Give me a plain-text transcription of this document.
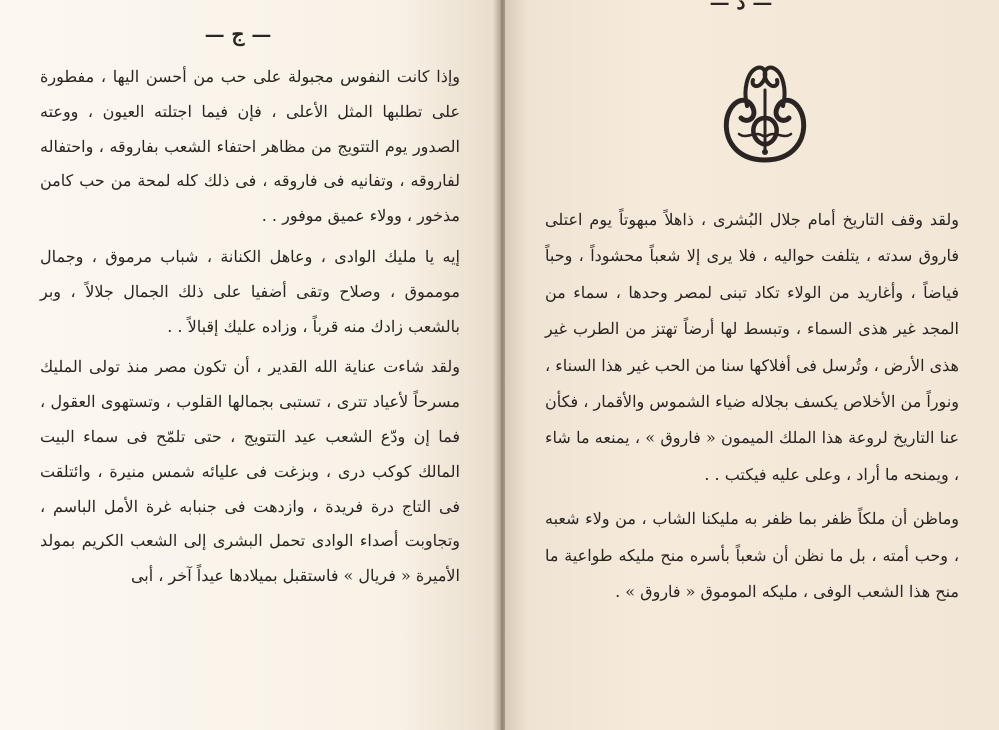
— ج —

وإذا كانت النفوس مجبولة على حب من أحسن اليها ، مفطورة على تطلبها المثل الأعلى ، فإن فيما اجتلته العيون ، ووعته الصدور يوم التتويج من مظاهر احتفاء الشعب بفاروقه ، واحتفاله لفاروقه ، وتفانيه فى فاروقه ، فى ذلك كله لمحة من حب كامن مذخور ، وولاء عميق موفور . .

إيه يا مليك الوادى ، وعاهل الكنانة ، شباب مرموق ، وجمال مومموق ، وصلاح وتقى أضفيا على ذلك الجمال جلالاً ، وبر بالشعب زادك منه قرباً ، وزاده عليك إقبالاً . .

ولقد شاءت عناية الله القدير ، أن تكون مصر منذ تولى المليك مسرحاً لأعياد تترى ، تستبى بجمالها القلوب ، وتستهوى العقول ، فما إن ودّع الشعب عيد التتويج ، حتى تلمّح فى سماء البيت المالك كوكب درى ، وبزغت فى عليائه شمس منيرة ، وائتلقت فى التاج درة فريدة ، وازدهت فى جنبابه غرة الأمل الباسم ، وتجاوبت أصداء الوادى تحمل البشرى إلى الشعب الكريم بمولد الأميرة « فريال » فاستقبل بميلادها عيداً آخر ، أبى

— د —

ولقد وقف التاريخ أمام جلال البُشرى ، ذاهلاً مبهوتاً يوم اعتلى فاروق سدته ، يتلفت حواليه ، فلا يرى إلا شعباً محشوداً ، وحباً فياضاً ، وأغاريد من الولاء تكاد تبنى لمصر وحدها ، سماء من المجد غير هذى السماء ، وتبسط لها أرضاً تهتز من الطرب غير هذى الأرض ، وتُرسل فى أفلاكها سنا من الحب غير هذا السناء ، ونوراً من الأخلاص يكسف بجلاله ضياء الشموس والأقمار ، فكأن عنا التاريخ لروعة هذا الملك الميمون « فاروق » ، يمنعه ما شاء ، ويمنحه ما أراد ، وعلى عليه فيكتب . .

وماظن أن ملكاً ظفر بما ظفر به مليكنا الشاب ، من ولاء شعبه ، وحب أمته ، بل ما نظن أن شعباً بأسره منح مليكه طواعية ما منح هذا الشعب الوفى ، مليكه الموموق « فاروق » .
